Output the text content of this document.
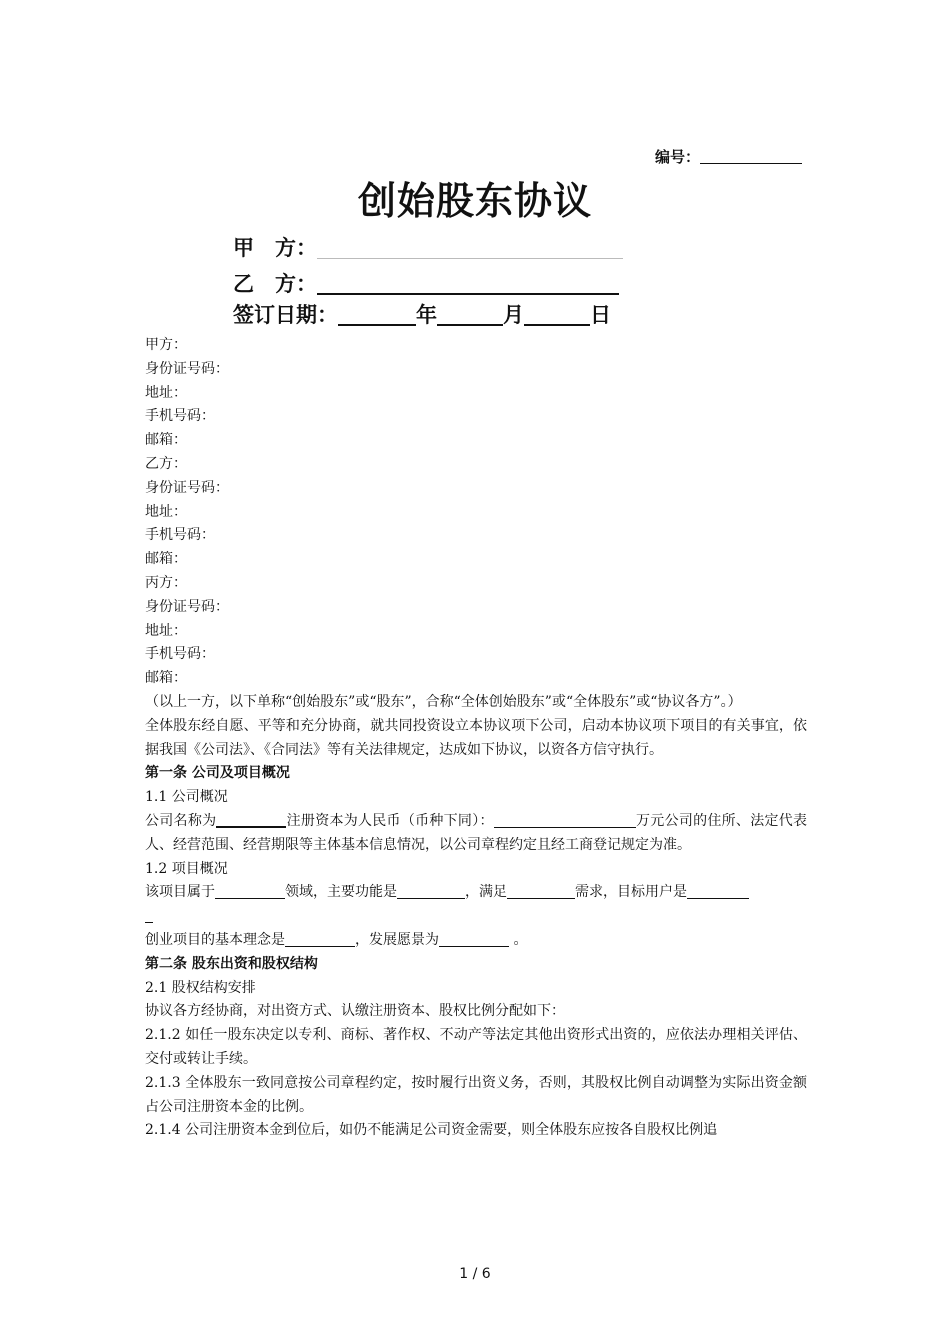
编号：
创始股东协议
甲　方：
乙　方：
签订日期：	年	月	日

甲方：

身份证号码：

地址：

手机号码：

邮箱：

乙方：

身份证号码：

地址：

手机号码：

邮箱：

丙方：

身份证号码：

地址：

手机号码：

邮箱：

（以上一方，以下单称“创始股东”或“股东”，合称“全体创始股东”或“全体股东”或“协议各方”。）

全体股东经自愿、平等和充分协商，就共同投资设立本协议项下公司，启动本协议项下项目的有关事宜，依据我国《公司法》、《合同法》等有关法律规定，达成如下协议，以资各方信守执行。

第一条 公司及项目概况

1.1 公司概况

公司名称为	注册资本为人民币（币种下同）：	万元公司的住所、法定代表人、经营范围、经营期限等主体基本信息情况，以公司章程约定且经工商登记规定为准。

1.2 项目概况

该项目属于	领域，主要功能是	，满足	需求，目标用户是

创业项目的基本理念是	，发展愿景为	。

第二条 股东出资和股权结构

2.1 股权结构安排

协议各方经协商，对出资方式、认缴注册资本、股权比例分配如下：

2.1.2 如任一股东决定以专利、商标、著作权、不动产等法定其他出资形式出资的，应依法办理相关评估、交付或转让手续。

2.1.3 全体股东一致同意按公司章程约定，按时履行出资义务，否则，其股权比例自动调整为实际出资金额占公司注册资本金的比例。

2.1.4 公司注册资本金到位后，如仍不能满足公司资金需要，则全体股东应按各自股权比例追

1 / 6
